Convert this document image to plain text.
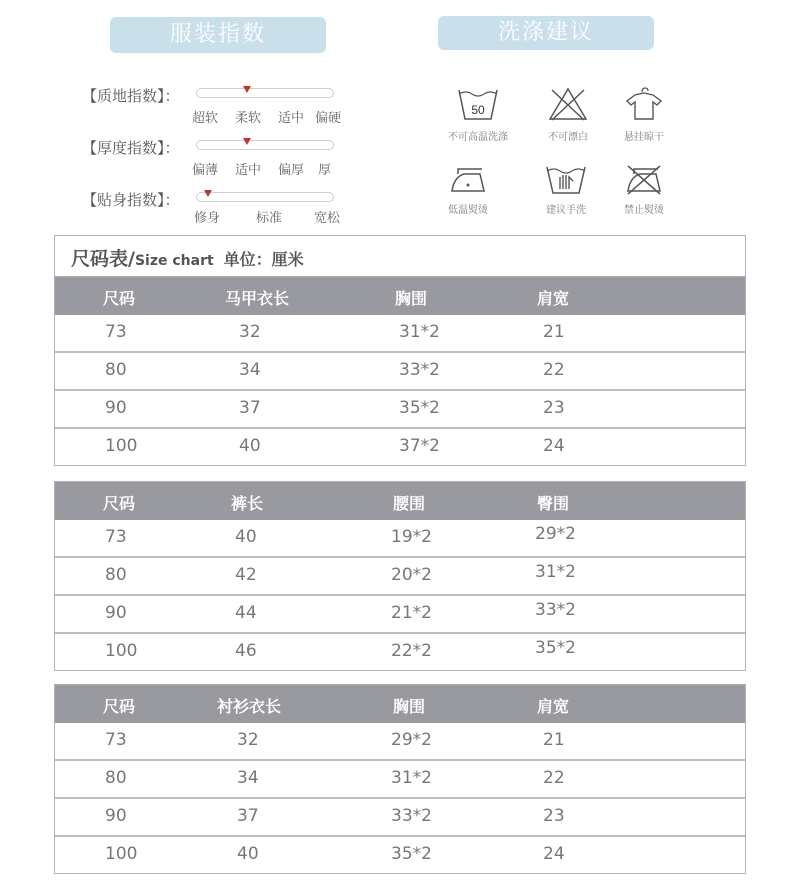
服装指数	洗涤建议
【质地指数】：
超软 柔软 适中 偏硬
【厚度指数】：
偏薄 适中 偏厚 厚
【贴身指数】：
修身	标准 宽松
50
不可高温洗涤	不可漂白	悬挂晾干
低温熨烫	建议手洗	禁止熨烫
尺码表/Size chart 单位：厘米
尺码	马甲衣长	胸围	肩宽
73	32	31*2	21
80	34	33*2	22
90	37	35*2	23
100	40	37*2	24
尺码	裤长	腰围	臀围
73	40	19*2	29*2
80	42	20*2	31*2
90	44	21*2	33*2
100	46	22*2	35*2
尺码	衬衫衣长	胸围	肩宽
73	32	29*2	21
80	34	31*2	22
90	37	33*2	23
100	40	35*2	24
